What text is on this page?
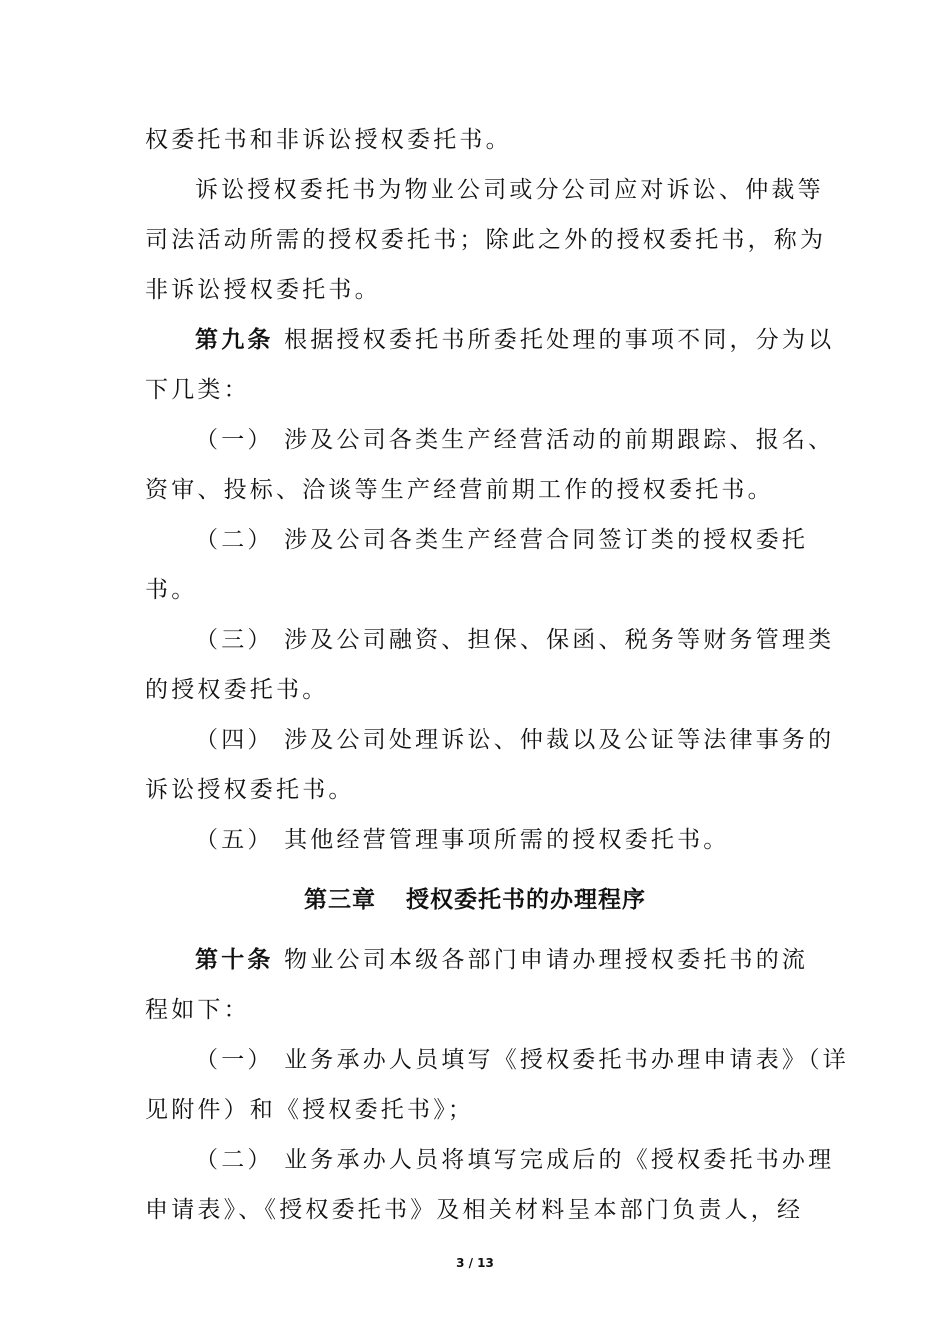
权委托书和非诉讼授权委托书。

诉讼授权委托书为物业公司或分公司应对诉讼、仲裁等

司法活动所需的授权委托书；除此之外的授权委托书，称为

非诉讼授权委托书。

第九条 根据授权委托书所委托处理的事项不同，分为以

下几类：

（一） 涉及公司各类生产经营活动的前期跟踪、报名、

资审、投标、洽谈等生产经营前期工作的授权委托书。

（二） 涉及公司各类生产经营合同签订类的授权委托

书。

（三） 涉及公司融资、担保、保函、税务等财务管理类

的授权委托书。

（四） 涉及公司处理诉讼、仲裁以及公证等法律事务的

诉讼授权委托书。

（五） 其他经营管理事项所需的授权委托书。

第三章 授权委托书的办理程序

第十条 物业公司本级各部门申请办理授权委托书的流

程如下：

（一） 业务承办人员填写《授权委托书办理申请表》（详

见附件）和《授权委托书》；

（二） 业务承办人员将填写完成后的《授权委托书办理

申请表》、《授权委托书》及相关材料呈本部门负责人，经

3 / 13
